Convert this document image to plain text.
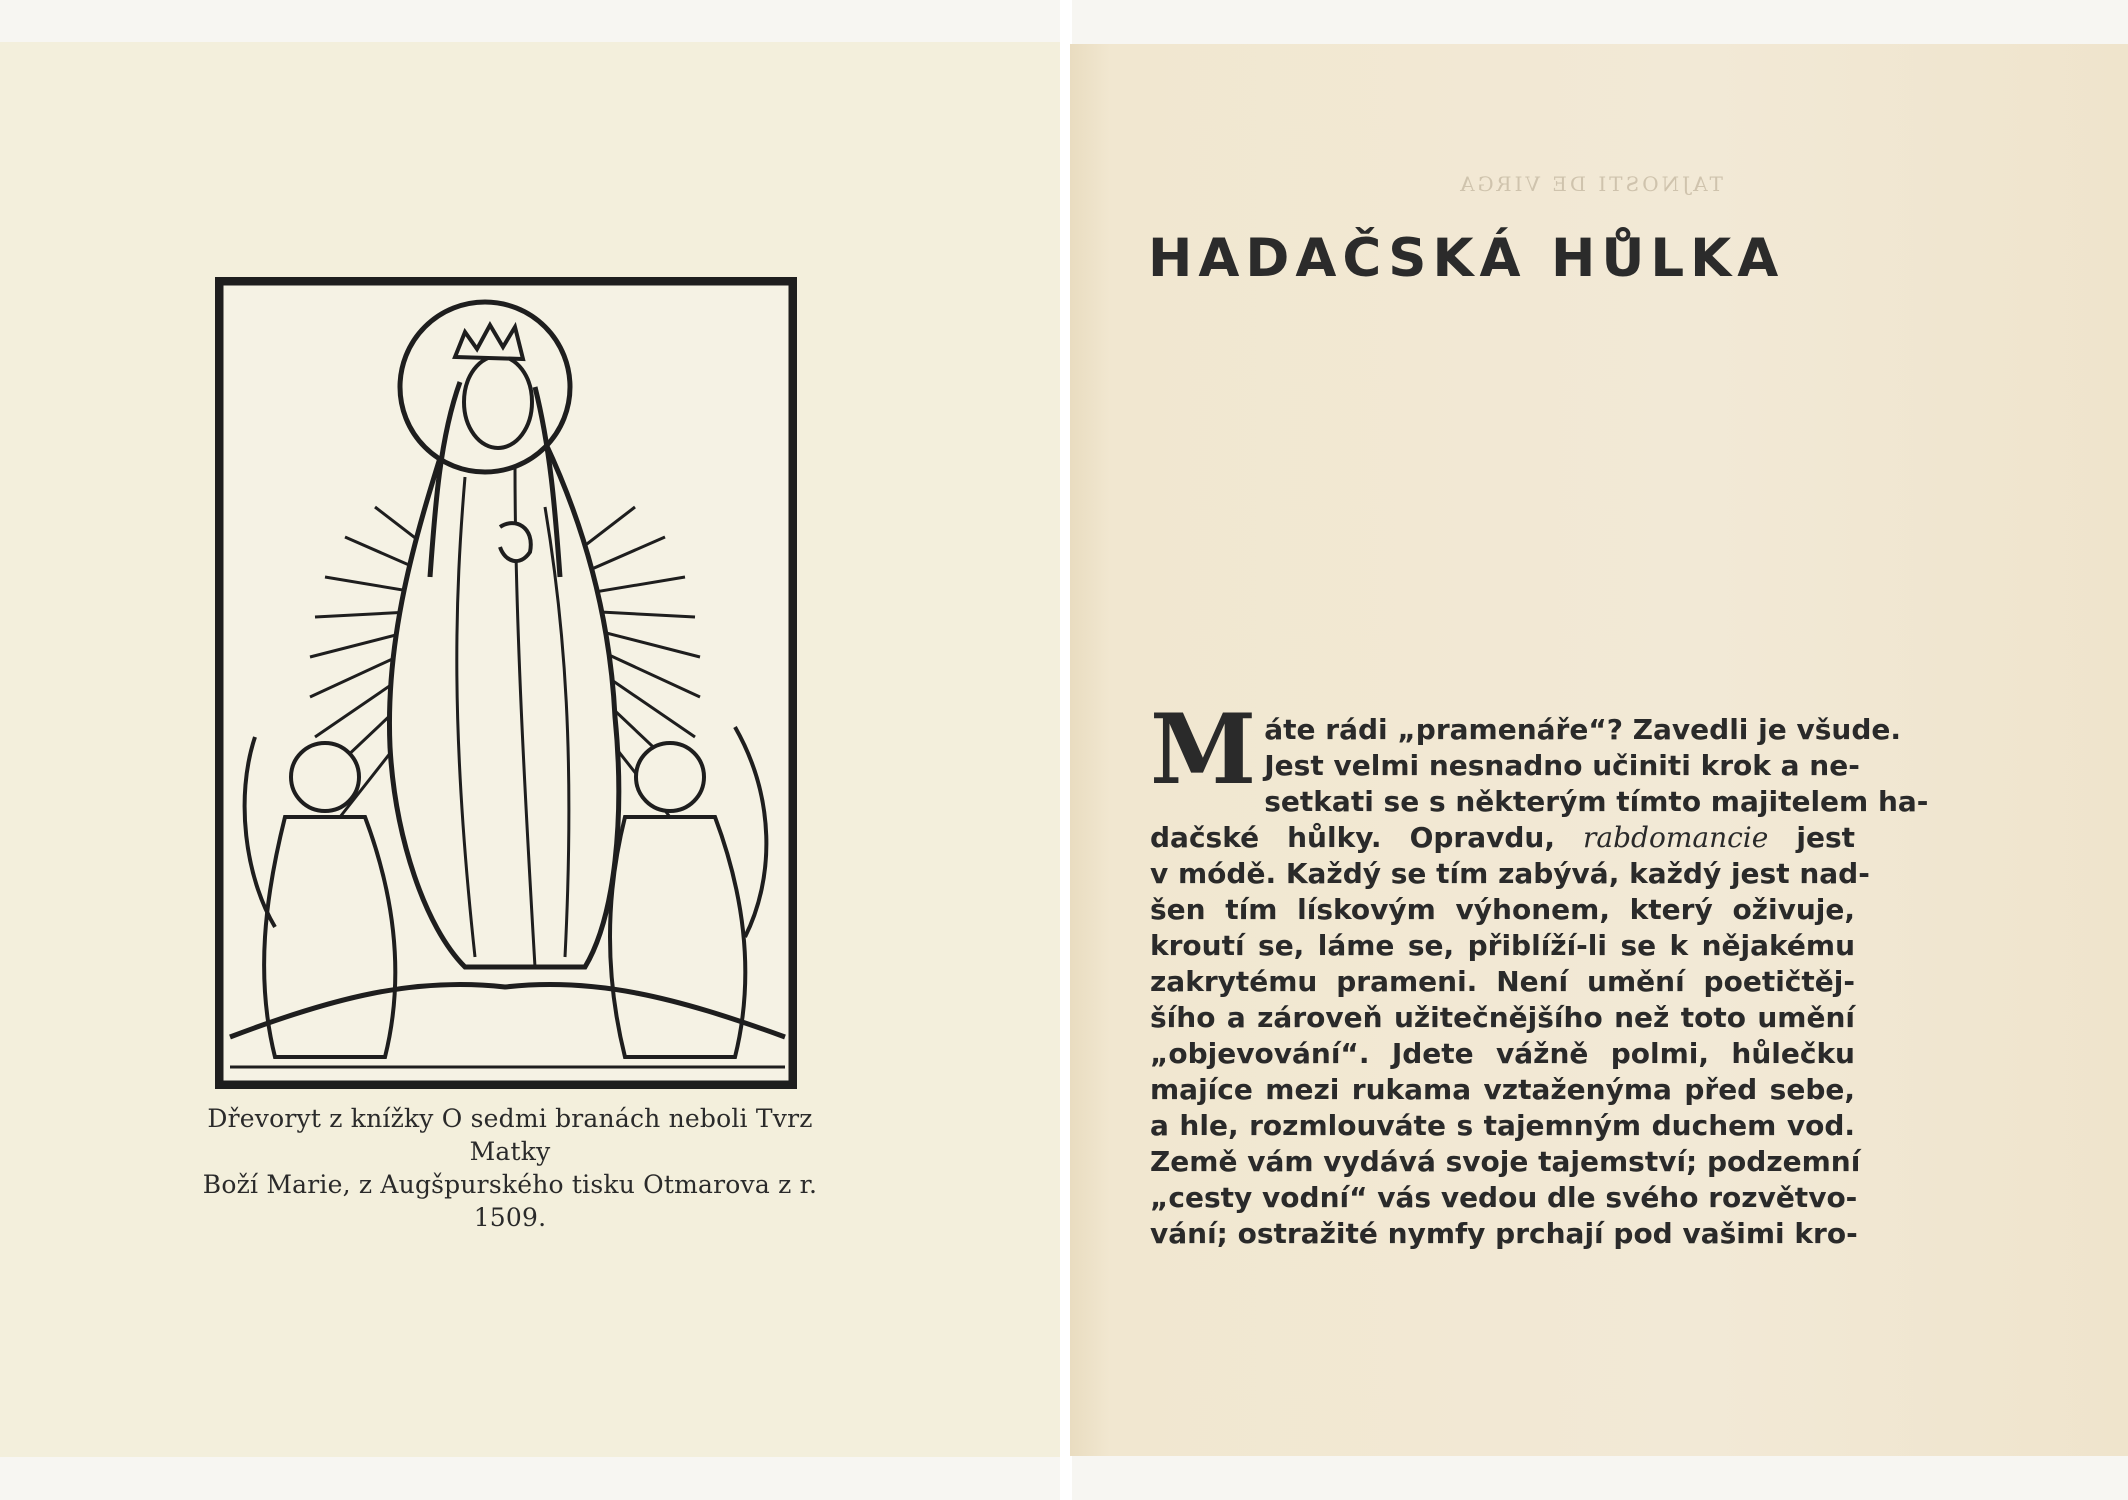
Dřevoryt z knížky O sedmi branách neboli Tvrz Matky
Boží Marie, z Augšpurského tisku Otmarova z r. 1509.
TAJNOSTI DE VIRGA
HADAČSKÁ HŮLKA
M áte rádi „pramenáře“? Zavedli je všude.
Jest velmi nesnadno učiniti krok a ne-
setkati se s některým tímto majitelem ha-
dačské hůlky. Opravdu, rabdomancie jest
v módě. Každý se tím zabývá, každý jest nad-
šen tím lískovým výhonem, který oživuje,
kroutí se, láme se, přiblíží-li se k nějakému
zakrytému prameni. Není umění poetičtěj-
šího a zároveň užitečnějšího než toto umění
„objevování“. Jdete vážně polmi, hůlečku
majíce mezi rukama vztaženýma před sebe,
a hle, rozmlouváte s tajemným duchem vod.
Země vám vydává svoje tajemství; podzemní
„cesty vodní“ vás vedou dle svého rozvětvo-
vání; ostražité nymfy prchají pod vašimi kro-
